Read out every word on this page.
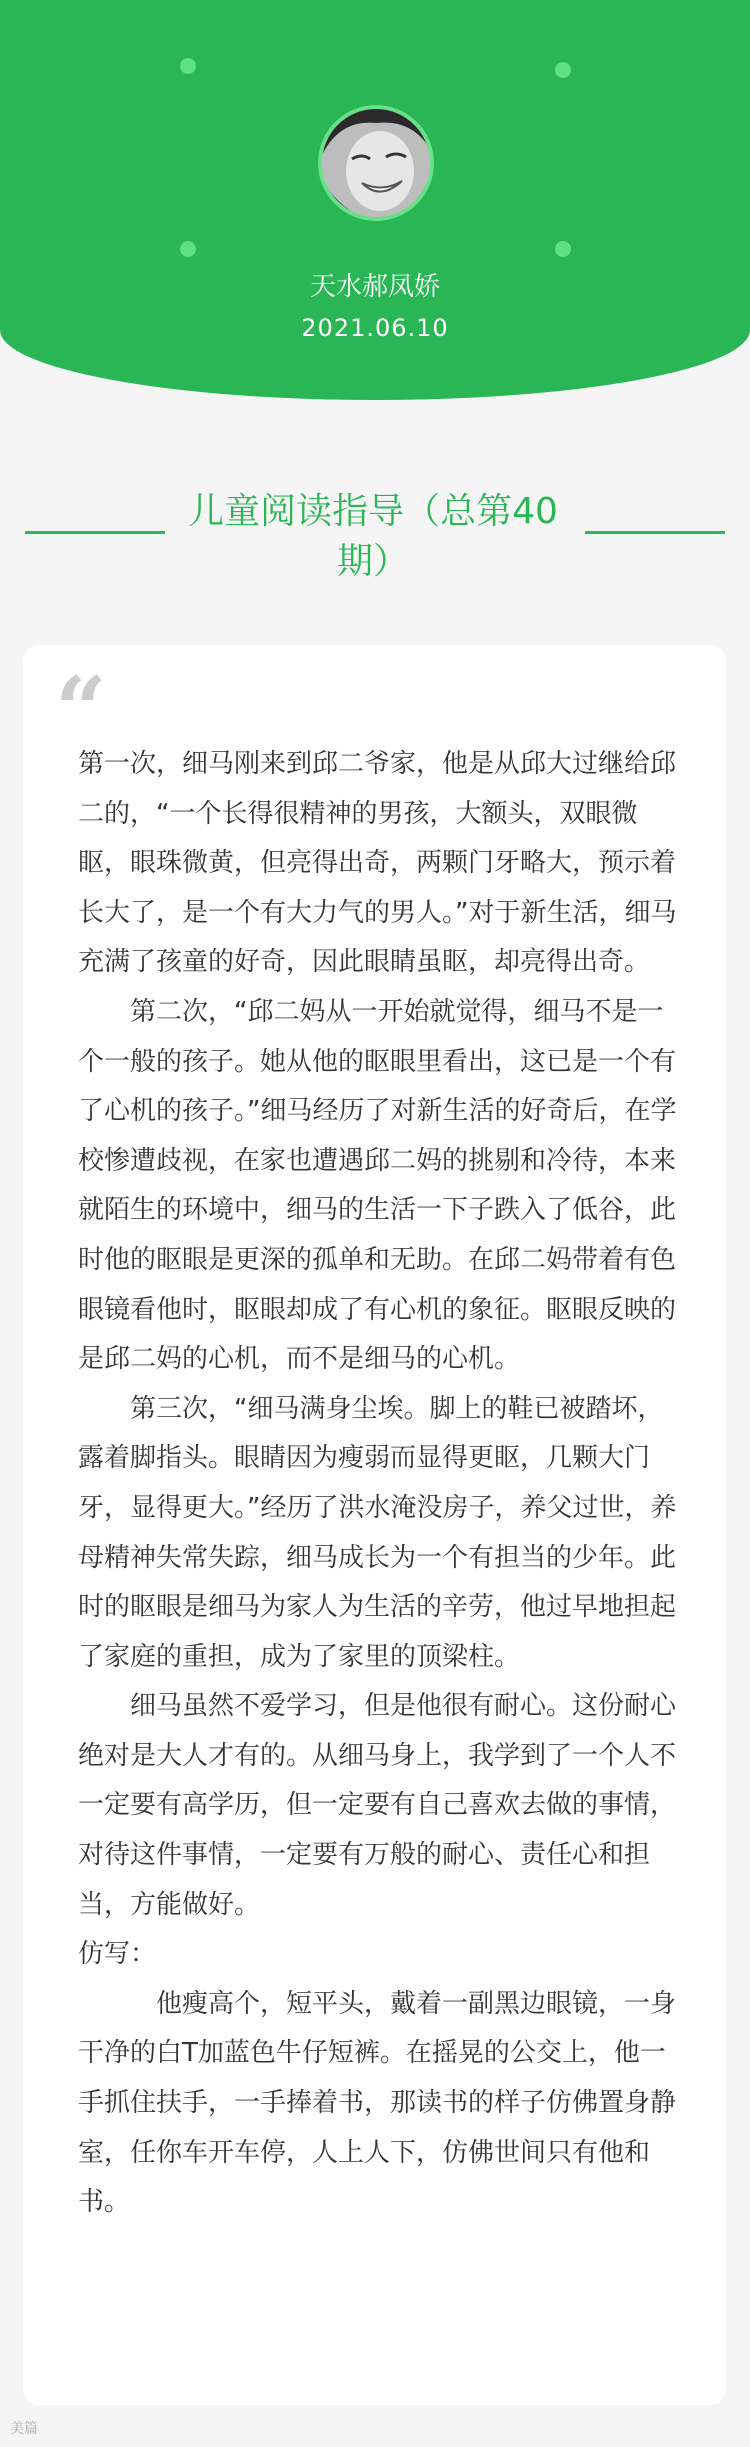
天水郝凤娇
2021.06.10
儿童阅读指导（总第40期）
“

第一次，细马刚来到邱二爷家，他是从邱大过继给邱二的，“一个长得很精神的男孩，大额头，双眼微眍，眼珠微黄，但亮得出奇，两颗门牙略大，预示着长大了，是一个有大力气的男人。”对于新生活，细马充满了孩童的好奇，因此眼睛虽眍，却亮得出奇。

第二次，“邱二妈从一开始就觉得，细马不是一个一般的孩子。她从他的眍眼里看出，这已是一个有了心机的孩子。”细马经历了对新生活的好奇后，在学校惨遭歧视，在家也遭遇邱二妈的挑剔和冷待，本来就陌生的环境中，细马的生活一下子跌入了低谷，此时他的眍眼是更深的孤单和无助。在邱二妈带着有色眼镜看他时，眍眼却成了有心机的象征。眍眼反映的是邱二妈的心机，而不是细马的心机。

第三次，“细马满身尘埃。脚上的鞋已被踏坏，露着脚指头。眼睛因为瘦弱而显得更眍，几颗大门牙，显得更大。”经历了洪水淹没房子，养父过世，养母精神失常失踪，细马成长为一个有担当的少年。此时的眍眼是细马为家人为生活的辛劳，他过早地担起了家庭的重担，成为了家里的顶梁柱。

细马虽然不爱学习，但是他很有耐心。这份耐心绝对是大人才有的。从细马身上，我学到了一个人不一定要有高学历，但一定要有自己喜欢去做的事情，对待这件事情，一定要有万般的耐心、责任心和担当，方能做好。

仿写：

他瘦高个，短平头，戴着一副黑边眼镜，一身干净的白T加蓝色牛仔短裤。在摇晃的公交上，他一手抓住扶手，一手捧着书，那读书的样子仿佛置身静室，任你车开车停，人上人下，仿佛世间只有他和书。

美篇
